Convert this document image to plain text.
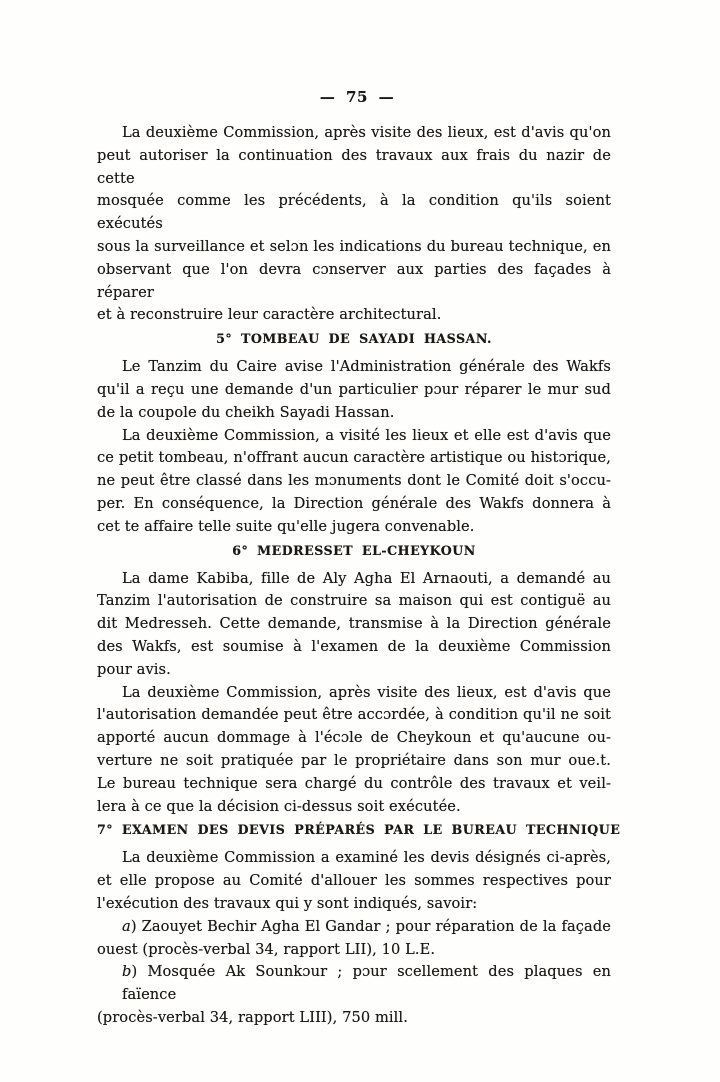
— 75 —
La deuxième Commission, après visite des lieux, est d'avis qu'on
peut autoriser la continuation des travaux aux frais du nazir de cette
mosquée comme les précédents, à la condition qu'ils soient exécutés
sous la surveillance et selɔn les indications du bureau technique, en
observant que l'on devra cɔnserver aux parties des façades à réparer
et à reconstruire leur caractère architectural.
5° TOMBEAU DE SAYADI HASSAN.
Le Tanzim du Caire avise l'Administration générale des Wakfs
qu'il a reçu une demande d'un particulier pɔur réparer le mur sud
de la coupole du cheikh Sayadi Hassan.
La deuxième Commission, a visité les lieux et elle est d'avis que
ce petit tombeau, n'offrant aucun caractère artistique ou histɔrique,
ne peut être classé dans les mɔnuments dont le Comité doit s'occu-
per. En conséquence, la Direction générale des Wakfs donnera à
cet te affaire telle suite qu'elle jugera convenable.
6° MEDRESSET EL-CHEYKOUN
La dame Kabiba, fille de Aly Agha El Arnaouti, a demandé au
Tanzim l'autorisation de construire sa maison qui est contiguë au
dit Medresseh. Cette demande, transmise à la Direction générale
des Wakfs, est soumise à l'examen de la deuxième Commission
pour avis.
La deuxième Commission, après visite des lieux, est d'avis que
l'autorisation demandée peut être accɔrdée, à conditiɔn qu'il ne soit
apporté aucun dommage à l'écɔle de Cheykoun et qu'aucune ou-
verture ne soit pratiquée par le propriétaire dans son mur oue.t.
Le bureau technique sera chargé du contrôle des travaux et veil-
lera à ce que la décision ci-dessus soit exécutée.
7° EXAMEN DES DEVIS PRÉPARÉS PAR LE BUREAU TECHNIQUE
La deuxième Commission a examiné les devis désignés ci-après,
et elle propose au Comité d'allouer les sommes respectives pour
l'exécution des travaux qui y sont indiqués, savoir:
a) Zaouyet Bechir Agha El Gandar ; pour réparation de la façade
ouest (procès-verbal 34, rapport LII), 10 L.E.
b) Mosquée Ak Sounkɔur ; pɔur scellement des plaques en faïence
(procès-verbal 34, rapport LIII), 750 mill.
